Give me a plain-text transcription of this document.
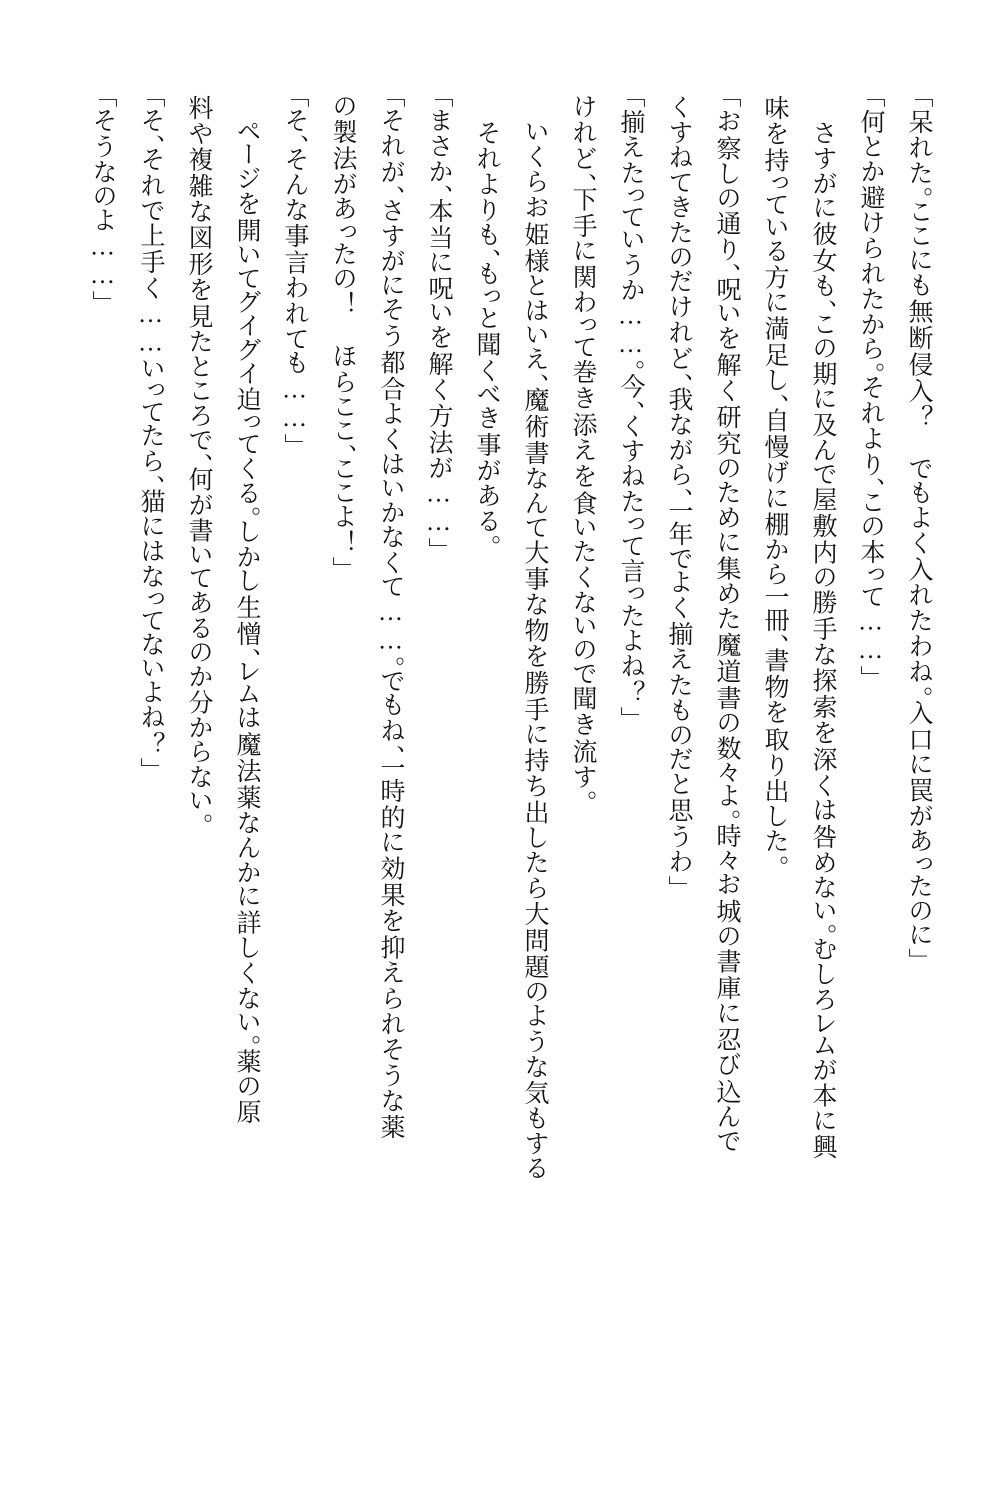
「呆れた。ここにも無断侵入？　でもよく入れたわね。入口に罠があったのに」
「何とか避けられたから。それより、この本って……」
　さすがに彼女も、この期に及んで屋敷内の勝手な探索を深くは咎めない。むしろレムが本に興
味を持っている方に満足し、自慢げに棚から一冊、書物を取り出した。
「お察しの通り、呪いを解く研究のために集めた魔道書の数々よ。時々お城の書庫に忍び込んで
くすねてきたのだけれど、我ながら、一年でよく揃えたものだと思うわ」
「揃えたっていうか……。今、くすねたって言ったよね？」
けれど、下手に関わって巻き添えを食いたくないので聞き流す。
　いくらお姫様とはいえ、魔術書なんて大事な物を勝手に持ち出したら大問題のような気もする
　それよりも、もっと聞くべき事がある。
「まさか、本当に呪いを解く方法が……」
「それが、さすがにそう都合よくはいかなくて……。でもね、一時的に効果を抑えられそうな薬
の製法があったの！　ほらここ、ここよ！」
「そ、そんな事言われても……」
　ページを開いてグイグイ迫ってくる。しかし生憎、レムは魔法薬なんかに詳しくない。薬の原
料や複雑な図形を見たところで、何が書いてあるのか分からない。
「そ、それで上手く……いってたら、猫にはなってないよね？」
「そうなのよ……」
